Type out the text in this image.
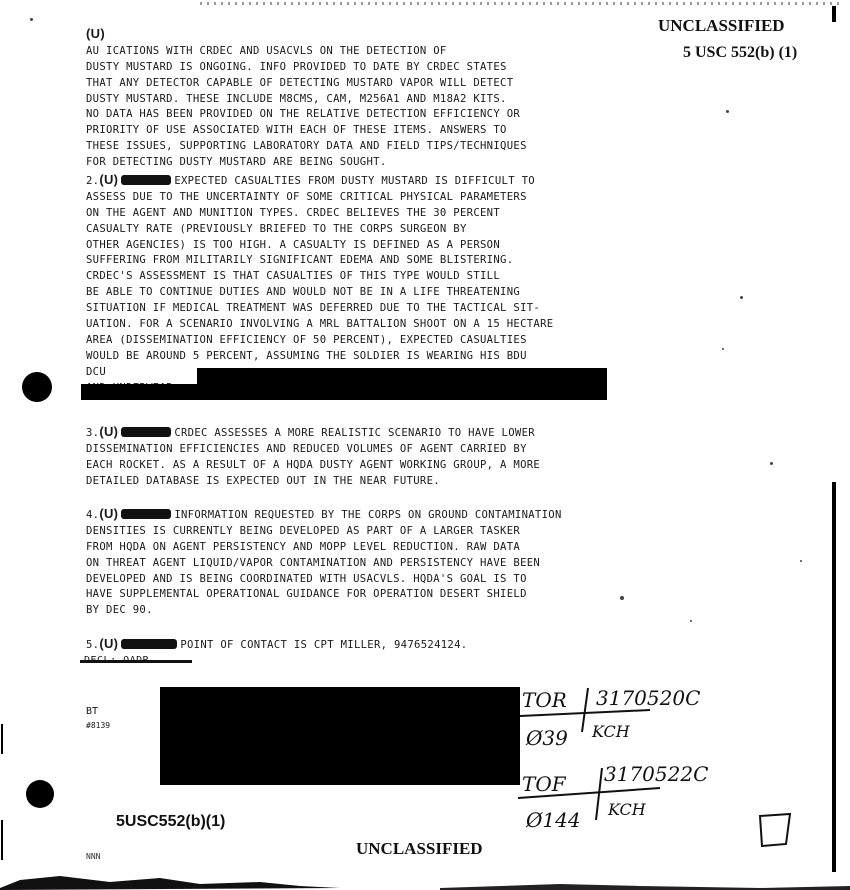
UNCLASSIFIED
5 USC 552(b) (1)

(U)
AU ICATIONS WITH CRDEC AND USACVLS ON THE DETECTION OF
DUSTY MUSTARD IS ONGOING. INFO PROVIDED TO DATE BY CRDEC STATES
THAT ANY DETECTOR CAPABLE OF DETECTING MUSTARD VAPOR WILL DETECT
DUSTY MUSTARD. THESE INCLUDE M8CMS, CAM, M256A1 AND M18A2 KITS.
NO DATA HAS BEEN PROVIDED ON THE RELATIVE DETECTION EFFICIENCY OR
PRIORITY OF USE ASSOCIATED WITH EACH OF THESE ITEMS. ANSWERS TO
THESE ISSUES, SUPPORTING LABORATORY DATA AND FIELD TIPS/TECHNIQUES
FOR DETECTING DUSTY MUSTARD ARE BEING SOUGHT.

2.(U)	EXPECTED CASUALTIES FROM DUSTY MUSTARD IS DIFFICULT TO
ASSESS DUE TO THE UNCERTAINTY OF SOME CRITICAL PHYSICAL PARAMETERS
ON THE AGENT AND MUNITION TYPES. CRDEC BELIEVES THE 30 PERCENT
CASUALTY RATE (PREVIOUSLY BRIEFED TO THE CORPS SURGEON BY
OTHER AGENCIES) IS TOO HIGH. A CASUALTY IS DEFINED AS A PERSON
SUFFERING FROM MILITARILY SIGNIFICANT EDEMA AND SOME BLISTERING.
CRDEC'S ASSESSMENT IS THAT CASUALTIES OF THIS TYPE WOULD STILL
BE ABLE TO CONTINUE DUTIES AND WOULD NOT BE IN A LIFE THREATENING
SITUATION IF MEDICAL TREATMENT WAS DEFERRED DUE TO THE TACTICAL SIT-
UATION. FOR A SCENARIO INVOLVING A MRL BATTALION SHOOT ON A 15 HECTARE
AREA (DISSEMINATION EFFICIENCY OF 50 PERCENT), EXPECTED CASUALTIES
WOULD BE AROUND 5 PERCENT, ASSUMING THE SOLDIER IS WEARING HIS BDU
DCU

3.(U)	CRDEC ASSESSES A MORE REALISTIC SCENARIO TO HAVE LOWER
DISSEMINATION EFFICIENCIES AND REDUCED VOLUMES OF AGENT CARRIED BY
EACH ROCKET. AS A RESULT OF A HQDA DUSTY AGENT WORKING GROUP, A MORE
DETAILED DATABASE IS EXPECTED OUT IN THE NEAR FUTURE.

4.(U)	INFORMATION REQUESTED BY THE CORPS ON GROUND CONTAMINATION
DENSITIES IS CURRENTLY BEING DEVELOPED AS PART OF A LARGER TASKER
FROM HQDA ON AGENT PERSISTENCY AND MOPP LEVEL REDUCTION. RAW DATA
ON THREAT AGENT LIQUID/VAPOR CONTAMINATION AND PERSISTENCY HAVE BEEN
DEVELOPED AND IS BEING COORDINATED WITH USACVLS. HQDA'S GOAL IS TO
HAVE SUPPLEMENTAL OPERATIONAL GUIDANCE FOR OPERATION DESERT SHIELD
BY DEC 90.

5.(U)	POINT OF CONTACT IS CPT MILLER, 9476524124.

BT
#8139
TOR 3170520C
Ø39 KCH
TOF 3170522C
Ø144 KCH
5USC552(b)(1)
UNCLASSIFIED
NNN
